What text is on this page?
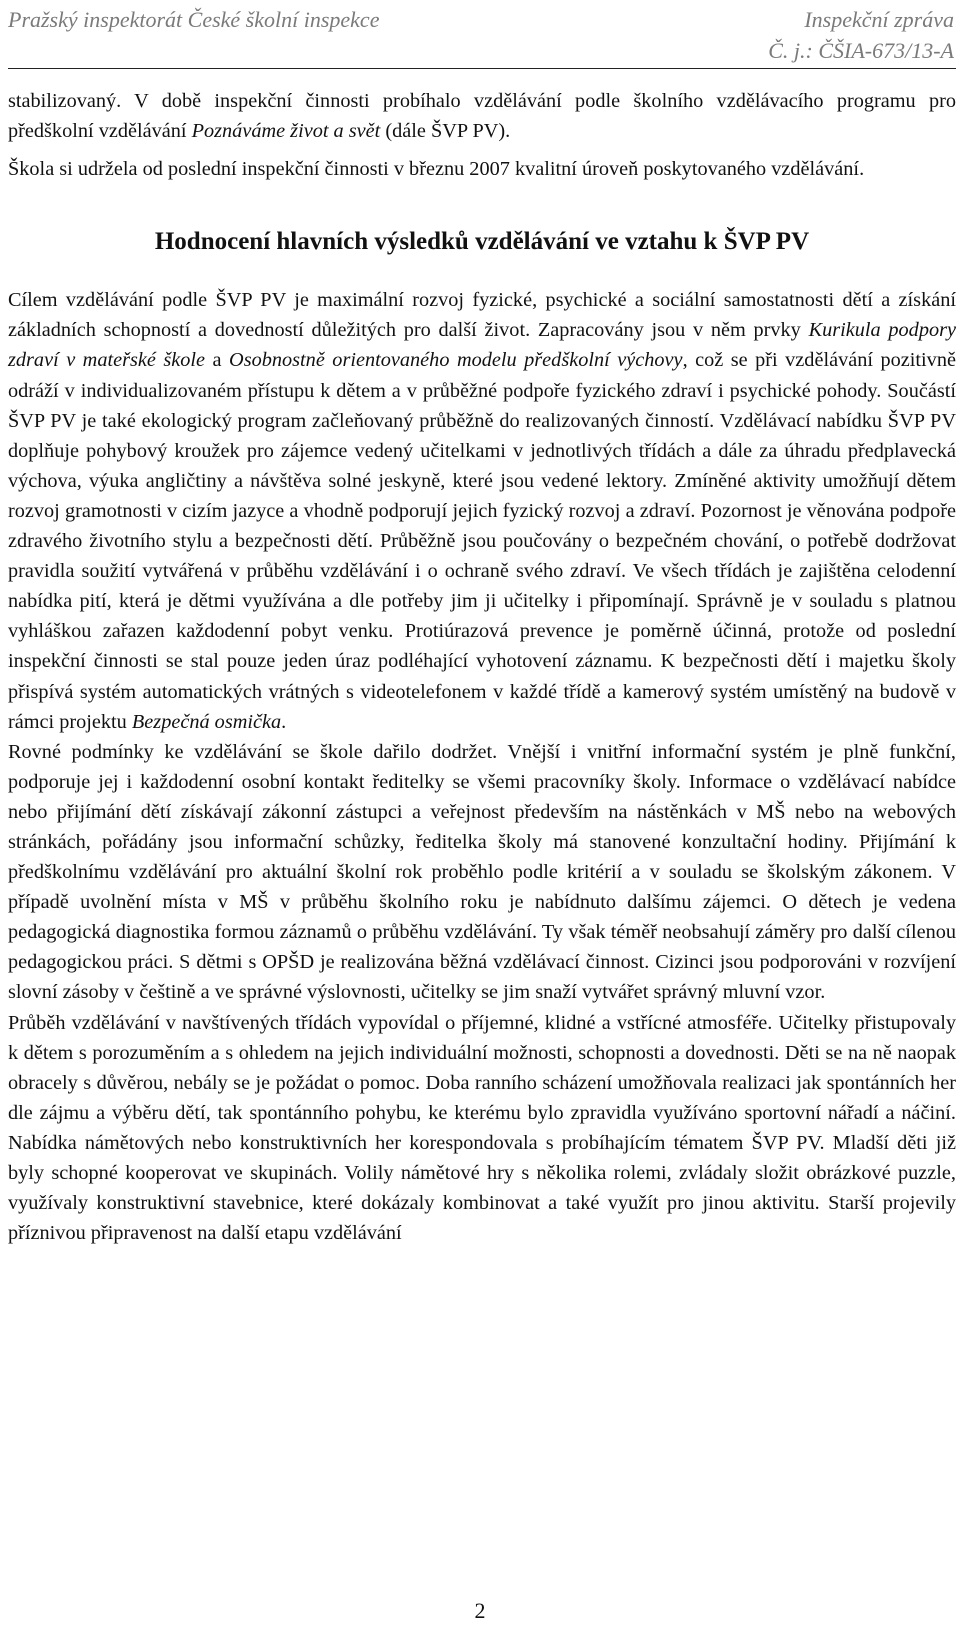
Pražský inspektorát České školní inspekce	Inspekční zpráva
Č. j.: ČŠIA-673/13-A

stabilizovaný. V době inspekční činnosti probíhalo vzdělávání podle školního vzdělávacího programu pro předškolní vzdělávání Poznáváme život a svět (dále ŠVP PV).

Škola si udržela od poslední inspekční činnosti v březnu 2007 kvalitní úroveň poskytovaného vzdělávání.

Hodnocení hlavních výsledků vzdělávání ve vztahu k ŠVP PV

Cílem vzdělávání podle ŠVP PV je maximální rozvoj fyzické, psychické a sociální samostatnosti dětí a získání základních schopností a dovedností důležitých pro další život. Zapracovány jsou v něm prvky Kurikula podpory zdraví v mateřské škole a Osobnostně orientovaného modelu předškolní výchovy, což se při vzdělávání pozitivně odráží v individualizovaném přístupu k dětem a v průběžné podpoře fyzického zdraví i psychické pohody. Součástí ŠVP PV je také ekologický program začleňovaný průběžně do realizovaných činností. Vzdělávací nabídku ŠVP PV doplňuje pohybový kroužek pro zájemce vedený učitelkami v jednotlivých třídách a dále za úhradu předplavecká výchova, výuka angličtiny a návštěva solné jeskyně, které jsou vedené lektory. Zmíněné aktivity umožňují dětem rozvoj gramotnosti v cizím jazyce a vhodně podporují jejich fyzický rozvoj a zdraví. Pozornost je věnována podpoře zdravého životního stylu a bezpečnosti dětí. Průběžně jsou poučovány o bezpečném chování, o potřebě dodržovat pravidla soužití vytvářená v průběhu vzdělávání i o ochraně svého zdraví. Ve všech třídách je zajištěna celodenní nabídka pití, která je dětmi využívána a dle potřeby jim ji učitelky i připomínají. Správně je v souladu s platnou vyhláškou zařazen každodenní pobyt venku. Protiúrazová prevence je poměrně účinná, protože od poslední inspekční činnosti se stal pouze jeden úraz podléhající vyhotovení záznamu. K bezpečnosti dětí i majetku školy přispívá systém automatických vrátných s videotelefonem v každé třídě a kamerový systém umístěný na budově v rámci projektu Bezpečná osmička.

Rovné podmínky ke vzdělávání se škole dařilo dodržet. Vnější i vnitřní informační systém je plně funkční, podporuje jej i každodenní osobní kontakt ředitelky se všemi pracovníky školy. Informace o vzdělávací nabídce nebo přijímání dětí získávají zákonní zástupci a veřejnost především na nástěnkách v MŠ nebo na webových stránkách, pořádány jsou informační schůzky, ředitelka školy má stanovené konzultační hodiny. Přijímání k předškolnímu vzdělávání pro aktuální školní rok proběhlo podle kritérií a v souladu se školským zákonem. V případě uvolnění místa v MŠ v průběhu školního roku je nabídnuto dalšímu zájemci. O dětech je vedena pedagogická diagnostika formou záznamů o průběhu vzdělávání. Ty však téměř neobsahují záměry pro další cílenou pedagogickou práci. S dětmi s OPŠD je realizována běžná vzdělávací činnost. Cizinci jsou podporováni v rozvíjení slovní zásoby v češtině a ve správné výslovnosti, učitelky se jim snaží vytvářet správný mluvní vzor.

Průběh vzdělávání v navštívených třídách vypovídal o příjemné, klidné a vstřícné atmosféře. Učitelky přistupovaly k dětem s porozuměním a s ohledem na jejich individuální možnosti, schopnosti a dovednosti. Děti se na ně naopak obracely s důvěrou, nebály se je požádat o pomoc. Doba ranního scházení umožňovala realizaci jak spontánních her dle zájmu a výběru dětí, tak spontánního pohybu, ke kterému bylo zpravidla využíváno sportovní nářadí a náčiní. Nabídka námětových nebo konstruktivních her korespondovala s probíhajícím tématem ŠVP PV. Mladší děti již byly schopné kooperovat ve skupinách. Volily námětové hry s několika rolemi, zvládaly složit obrázkové puzzle, využívaly konstruktivní stavebnice, které dokázaly kombinovat a také využít pro jinou aktivitu. Starší projevily příznivou připravenost na další etapu vzdělávání

2
